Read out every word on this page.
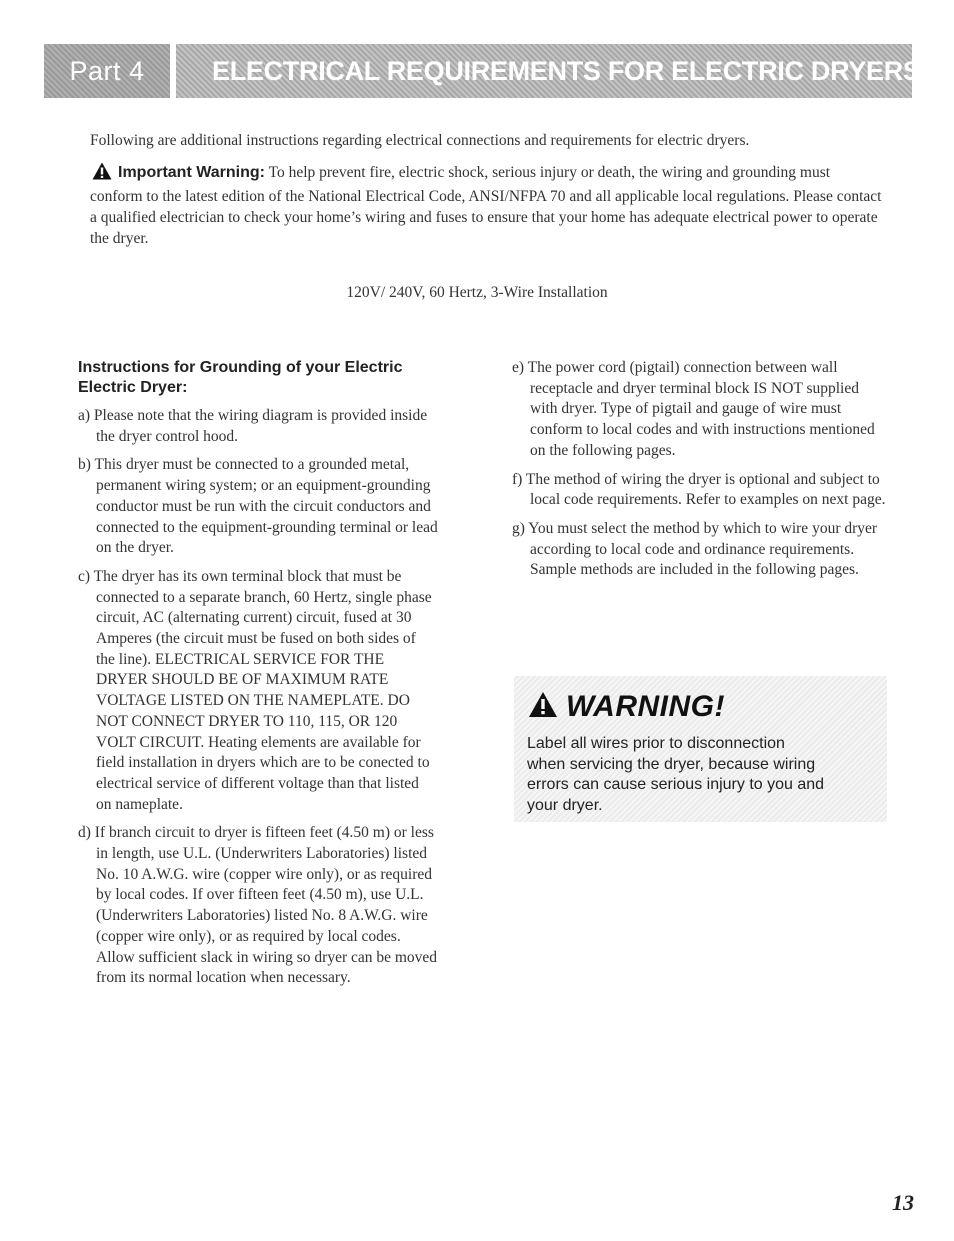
Part 4	ELECTRICAL REQUIREMENTS FOR ELECTRIC DRYERS

Following are additional instructions regarding electrical connections and requirements for electric dryers.

Important Warning: To help prevent fire, electric shock, serious injury or death, the wiring and grounding must conform to the latest edition of the National Electrical Code, ANSI/NFPA 70 and all applicable local regulations. Please contact a qualified electrician to check your home’s wiring and fuses to ensure that your home has adequate electrical power to operate the dryer.

120V/ 240V, 60 Hertz, 3-Wire Installation
Instructions for Grounding of your Electric Electric Dryer:

a) Please note that the wiring diagram is provided inside the dryer control hood.

b) This dryer must be connected to a grounded metal, permanent wiring system; or an equipment-grounding conductor must be run with the circuit conductors and connected to the equipment-grounding terminal or lead on the dryer.

c) The dryer has its own terminal block that must be connected to a separate branch, 60 Hertz, single phase circuit, AC (alternating current) circuit, fused at 30 Amperes (the circuit must be fused on both sides of the line). ELECTRICAL SERVICE FOR THE DRYER SHOULD BE OF MAXIMUM RATE VOLTAGE LISTED ON THE NAMEPLATE. DO NOT CONNECT DRYER TO 110, 115, OR 120 VOLT CIRCUIT. Heating elements are available for field installation in dryers which are to be conected to electrical service of different voltage than that listed on nameplate.

d) If branch circuit to dryer is fifteen feet (4.50 m) or less in length, use U.L. (Underwriters Laboratories) listed No. 10 A.W.G. wire (copper wire only), or as required by local codes. If over fifteen feet (4.50 m), use U.L. (Underwriters Laboratories) listed No. 8 A.W.G. wire (copper wire only), or as required by local codes. Allow sufficient slack in wiring so dryer can be moved from its normal location when necessary.

e) The power cord (pigtail) connection between wall receptacle and dryer terminal block IS NOT supplied with dryer. Type of pigtail and gauge of wire must conform to local codes and with instructions mentioned on the following pages.

f) The method of wiring the dryer is optional and subject to local code requirements. Refer to examples on next page.

g) You must select the method by which to wire your dryer according to local code and ordinance requirements. Sample methods are included in the following pages.

WARNING!

Label all wires prior to disconnection when servicing the dryer, because wiring errors can cause serious injury to you and your dryer.

13
